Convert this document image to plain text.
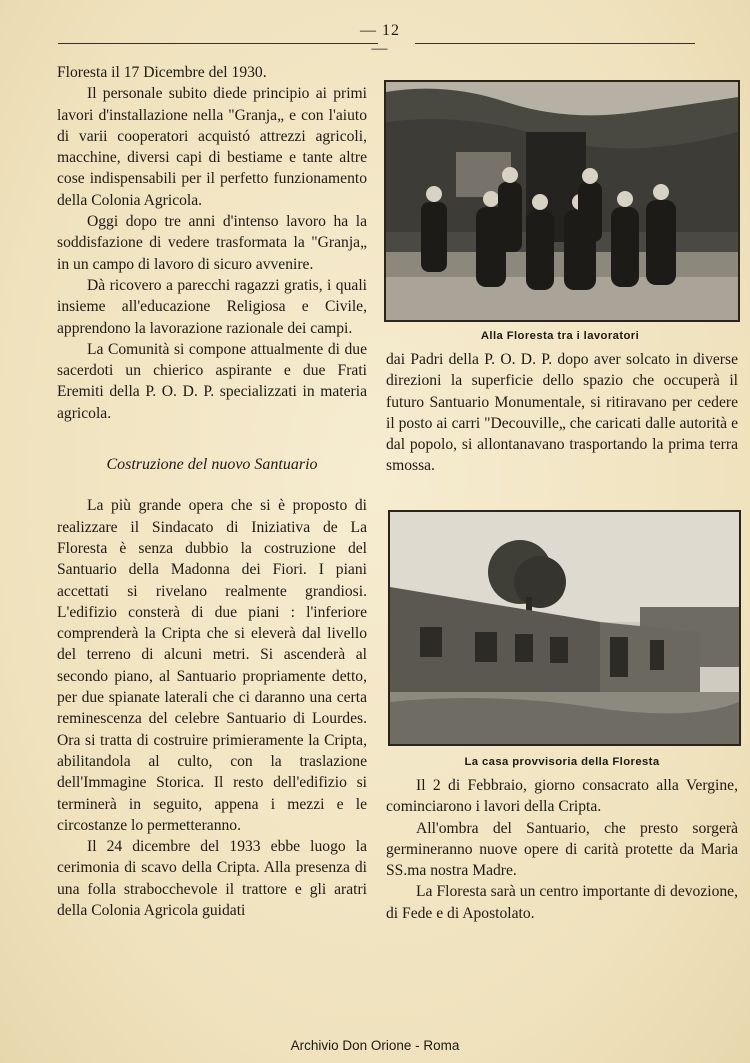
— 12 —

Floresta il 17 Dicembre del 1930.

Il personale subito diede principio ai primi lavori d'installazione nella "Granja„ e con l'aiuto di varii cooperatori acquistó attrezzi agricoli, macchine, diversi capi di bestiame e tante altre cose indispensabili per il perfetto funzionamento della Colonia Agricola.

Oggi dopo tre anni d'intenso lavoro ha la soddisfazione di vedere trasformata la "Granja„ in un campo di lavoro di sicuro avvenire.

Dà ricovero a parecchi ragazzi gratis, i quali insieme all'educazione Religiosa e Civile, apprendono la lavorazione razionale dei campi.

La Comunità si compone attualmente di due sacerdoti un chierico aspirante e due Frati Eremiti della P. O. D. P. specializzati in materia agricola.

Costruzione del nuovo Santuario

La più grande opera che si è proposto di realizzare il Sindacato di Iniziativa de La Floresta è senza dubbio la costruzione del Santuario della Madonna dei Fiori. I piani accettati si rivelano realmente grandiosi. L'edifizio consterà di due piani : l'inferiore comprenderà la Cripta che si eleverà dal livello del terreno di alcuni metri. Si ascenderà al secondo piano, al Santuario propriamente detto, per due spianate laterali che ci daranno una certa reminescenza del celebre Santuario di Lourdes. Ora si tratta di costruire primieramente la Cripta, abilitandola al culto, con la traslazione dell'Immagine Storica. Il resto dell'edifizio si terminerà in seguito, appena i mezzi e le circostanze lo permetteranno.

Il 24 dicembre del 1933 ebbe luogo la cerimonia di scavo della Cripta. Alla presenza di una folla strabocchevole il trattore e gli aratri della Colonia Agricola guidati

Alla Floresta tra i lavoratori

dai Padri della P. O. D. P. dopo aver solcato in diverse direzioni la superficie dello spazio che occuperà il futuro Santuario Monumentale, si ritiravano per cedere il posto ai carri "Decouville„ che caricati dalle autorità e dal popolo, si allontanavano trasportando la prima terra smossa.

La casa provvisoria della Floresta

Il 2 di Febbraio, giorno consacrato alla Vergine, cominciarono i lavori della Cripta.

All'ombra del Santuario, che presto sorgerà germineranno nuove opere di carità protette da Maria SS.ma nostra Madre.

La Floresta sarà un centro importante di devozione, di Fede e di Apostolato.

Archivio Don Orione - Roma
